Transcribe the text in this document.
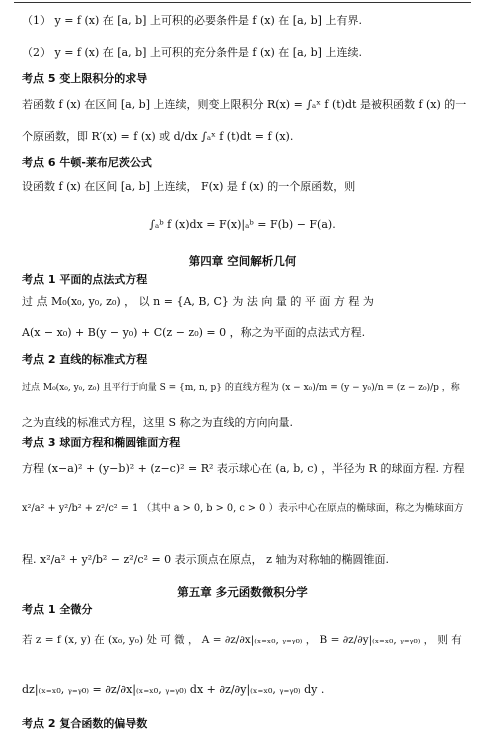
（1） y = f (x) 在 [a, b] 上可积的必要条件是 f (x) 在 [a, b] 上有界.
（2） y = f (x) 在 [a, b] 上可积的充分条件是 f (x) 在 [a, b] 上连续.
考点 5 变上限积分的求导
若函数 f (x) 在区间 [a, b] 上连续，则变上限积分 R(x) = ∫ₐˣ f (t)dt 是被积函数 f (x) 的一
个原函数，即 R′(x) = f (x) 或 d/dx ∫ₐˣ f (t)dt = f (x).
考点 6 牛顿-莱布尼茨公式
设函数 f (x) 在区间 [a, b] 上连续， F(x) 是 f (x) 的一个原函数，则
∫ₐᵇ f (x)dx = F(x)|ₐᵇ = F(b) − F(a).
第四章 空间解析几何
考点 1 平面的点法式方程
过 点 M₀(x₀, y₀, z₀) ， 以 n = {A, B, C} 为 法 向 量 的 平 面 方 程 为
A(x − x₀) + B(y − y₀) + C(z − z₀) = 0 ，称之为平面的点法式方程.
考点 2 直线的标准式方程
过点 M₀(x₀, y₀, z₀) 且平行于向量 S = {m, n, p} 的直线方程为 (x − x₀)/m = (y − y₀)/n = (z − z₀)/p ，称
之为直线的标准式方程，这里 S 称之为直线的方向向量.
考点 3 球面方程和椭圆锥面方程
方程 (x−a)² + (y−b)² + (z−c)² = R² 表示球心在 (a, b, c) ，半径为 R 的球面方程. 方程
x²/a² + y²/b² + z²/c² = 1 （其中 a > 0, b > 0, c > 0 ）表示中心在原点的椭球面，称之为椭球面方
程. x²/a² + y²/b² − z²/c² = 0 表示顶点在原点， z 轴为对称轴的椭圆锥面.
第五章 多元函数微积分学
考点 1 全微分
若 z = f (x, y) 在 (x₀, y₀) 处 可 微 ， A = ∂z/∂x|₍ₓ₌ₓ₀, ᵧ₌ᵧ₀₎ ， B = ∂z/∂y|₍ₓ₌ₓ₀, ᵧ₌ᵧ₀₎ ， 则 有
dz|₍ₓ₌ₓ₀, ᵧ₌ᵧ₀₎ = ∂z/∂x|₍ₓ₌ₓ₀, ᵧ₌ᵧ₀₎ dx + ∂z/∂y|₍ₓ₌ₓ₀, ᵧ₌ᵧ₀₎ dy .
考点 2 复合函数的偏导数
